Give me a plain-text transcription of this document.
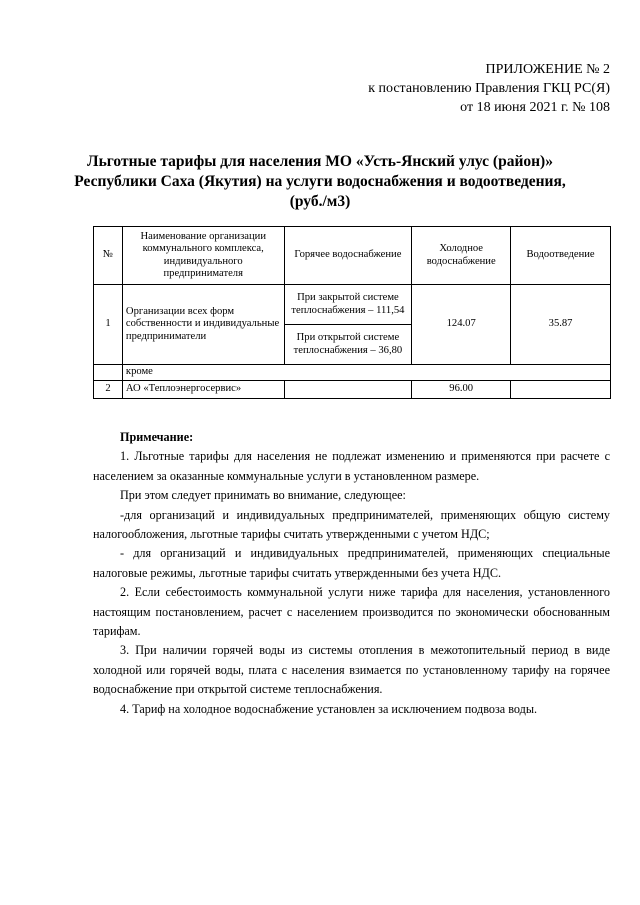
ПРИЛОЖЕНИЕ № 2
к постановлению Правления ГКЦ РС(Я)
от 18 июня 2021 г. № 108
Льготные тарифы для населения МО «Усть-Янский улус (район)»
Республики Саха (Якутия) на услуги водоснабжения и водоотведения,
(руб./м3)
№	Наименование организации коммунального комплекса, индивидуального предпринимателя	Горячее водоснабжение	Холодное водоснабжение	Водоотведение
1	Организации всех форм собственности и индивидуальные предприниматели	При закрытой системе теплоснабжения – 111,54	124.07	35.87
		При открытой системе теплоснабжения – 36,80		
	кроме			
2	АО «Теплоэнергосервис»		96.00	

Примечание:

1. Льготные тарифы для населения не подлежат изменению и применяются при расчете с населением за оказанные коммунальные услуги в установленном размере.

При этом следует принимать во внимание, следующее:

-для организаций и индивидуальных предпринимателей, применяющих общую систему налогообложения, льготные тарифы считать утвержденными с учетом НДС;

- для организаций и индивидуальных предпринимателей, применяющих специальные налоговые режимы, льготные тарифы считать утвержденными без учета НДС.

2. Если себестоимость коммунальной услуги ниже тарифа для населения, установленного настоящим постановлением, расчет с населением производится по экономически обоснованным тарифам.

3. При наличии горячей воды из системы отопления в межотопительный период в виде холодной или горячей воды, плата с населения взимается по установленному тарифу на горячее водоснабжение при открытой системе теплоснабжения.

4. Тариф на холодное водоснабжение установлен за исключением подвоза воды.
